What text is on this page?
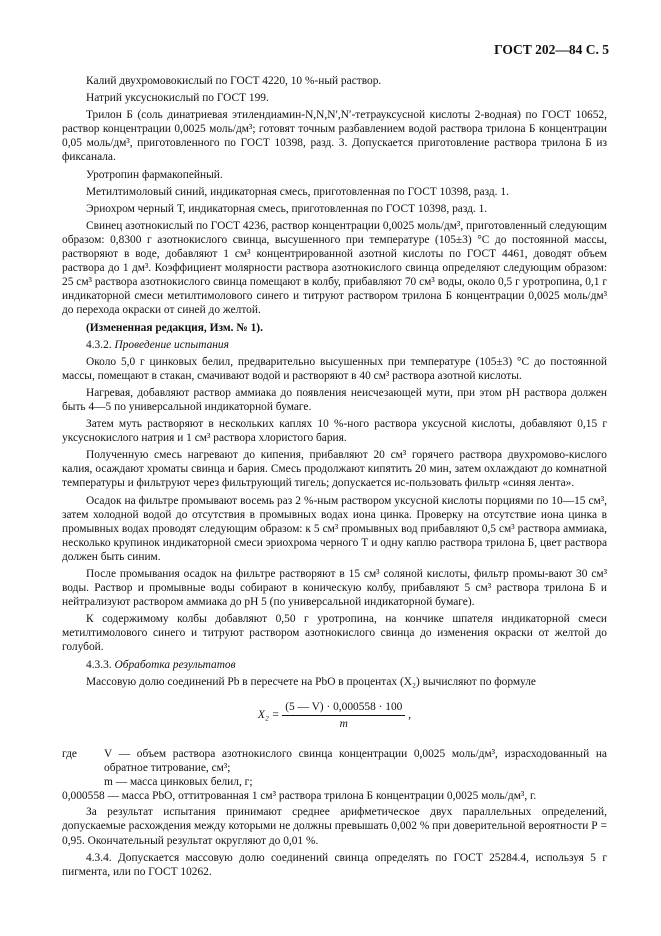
ГОСТ 202—84 С. 5

Калий двухромовокислый по ГОСТ 4220, 10 %-ный раствор.

Натрий уксуснокислый по ГОСТ 199.

Трилон Б (соль динатриевая этилендиамин-N,N,N′,N′-тетрауксусной кислоты 2-водная) по ГОСТ 10652, раствор концентрации 0,0025 моль/дм³; готовят точным разбавлением водой раствора трилона Б концентрации 0,05 моль/дм³, приготовленного по ГОСТ 10398, разд. 3. Допускается приготовление раствора трилона Б из фиксанала.

Уротропин фармакопейный.

Метилтимоловый синий, индикаторная смесь, приготовленная по ГОСТ 10398, разд. 1.

Эриохром черный Т, индикаторная смесь, приготовленная по ГОСТ 10398, разд. 1.

Свинец азотнокислый по ГОСТ 4236, раствор концентрации 0,0025 моль/дм³, приготовленный следующим образом: 0,8300 г азотнокислого свинца, высушенного при температуре (105±3) °С до постоянной массы, растворяют в воде, добавляют 1 см³ концентрированной азотной кислоты по ГОСТ 4461, доводят объем раствора до 1 дм³. Коэффициент молярности раствора азотнокислого свинца определяют следующим образом: 25 см³ раствора азотнокислого свинца помещают в колбу, прибавляют 70 см³ воды, около 0,5 г уротропина, 0,1 г индикаторной смеси метилтимолового синего и титруют раствором трилона Б концентрации 0,0025 моль/дм³ до перехода окраски от синей до желтой.

(Измененная редакция, Изм. № 1).

4.3.2. Проведение испытания

Около 5,0 г цинковых белил, предварительно высушенных при температуре (105±3) °С до постоянной массы, помещают в стакан, смачивают водой и растворяют в 40 см³ раствора азотной кислоты.

Нагревая, добавляют раствор аммиака до появления неисчезающей мути, при этом рН раствора должен быть 4—5 по универсальной индикаторной бумаге.

Затем муть растворяют в нескольких каплях 10 %-ного раствора уксусной кислоты, добавляют 0,15 г уксуснокислого натрия и 1 см³ раствора хлористого бария.

Полученную смесь нагревают до кипения, прибавляют 20 см³ горячего раствора двухромово-кислого калия, осаждают хроматы свинца и бария. Смесь продолжают кипятить 20 мин, затем охлаждают до комнатной температуры и фильтруют через фильтрующий тигель; допускается ис-пользовать фильтр «синяя лента».

Осадок на фильтре промывают восемь раз 2 %-ным раствором уксусной кислоты порциями по 10—15 см³, затем холодной водой до отсутствия в промывных водах иона цинка. Проверку на отсутствие иона цинка в промывных водах проводят следующим образом: к 5 см³ промывных вод прибавляют 0,5 см³ раствора аммиака, несколько крупинок индикаторной смеси эриохрома черного Т и одну каплю раствора трилона Б, цвет раствора должен быть синим.

После промывания осадок на фильтре растворяют в 15 см³ соляной кислоты, фильтр промы-вают 30 см³ воды. Раствор и промывные воды собирают в коническую колбу, прибавляют 5 см³ раствора трилона Б и нейтрализуют раствором аммиака до рН 5 (по универсальной индикаторной бумаге).

К содержимому колбы добавляют 0,50 г уротропина, на кончике шпателя индикаторной смеси метилтимолового синего и титруют раствором азотнокислого свинца до изменения окраски от желтой до голубой.

4.3.3. Обработка результатов

Массовую долю соединений Pb в пересчете на PbO в процентах (X₂) вычисляют по формуле

$X_2 = \frac{(5 — V) \cdot 0,000558 \cdot 100}{m}$ ,
где	V — объем раствора азотнокислого свинца концентрации 0,0025 моль/дм³, израсходованный на обратное титрование, см³;
m — масса цинковых белил, г;
0,000558 — масса PbO, оттитрованная 1 см³ раствора трилона Б концентрации 0,0025 моль/дм³, г.

За результат испытания принимают среднее арифметическое двух параллельных определений, допускаемые расхождения между которыми не должны превышать 0,002 % при доверительной вероятности Р = 0,95. Окончательный результат округляют до 0,01 %.

4.3.4. Допускается массовую долю соединений свинца определять по ГОСТ 25284.4, используя 5 г пигмента, или по ГОСТ 10262.
